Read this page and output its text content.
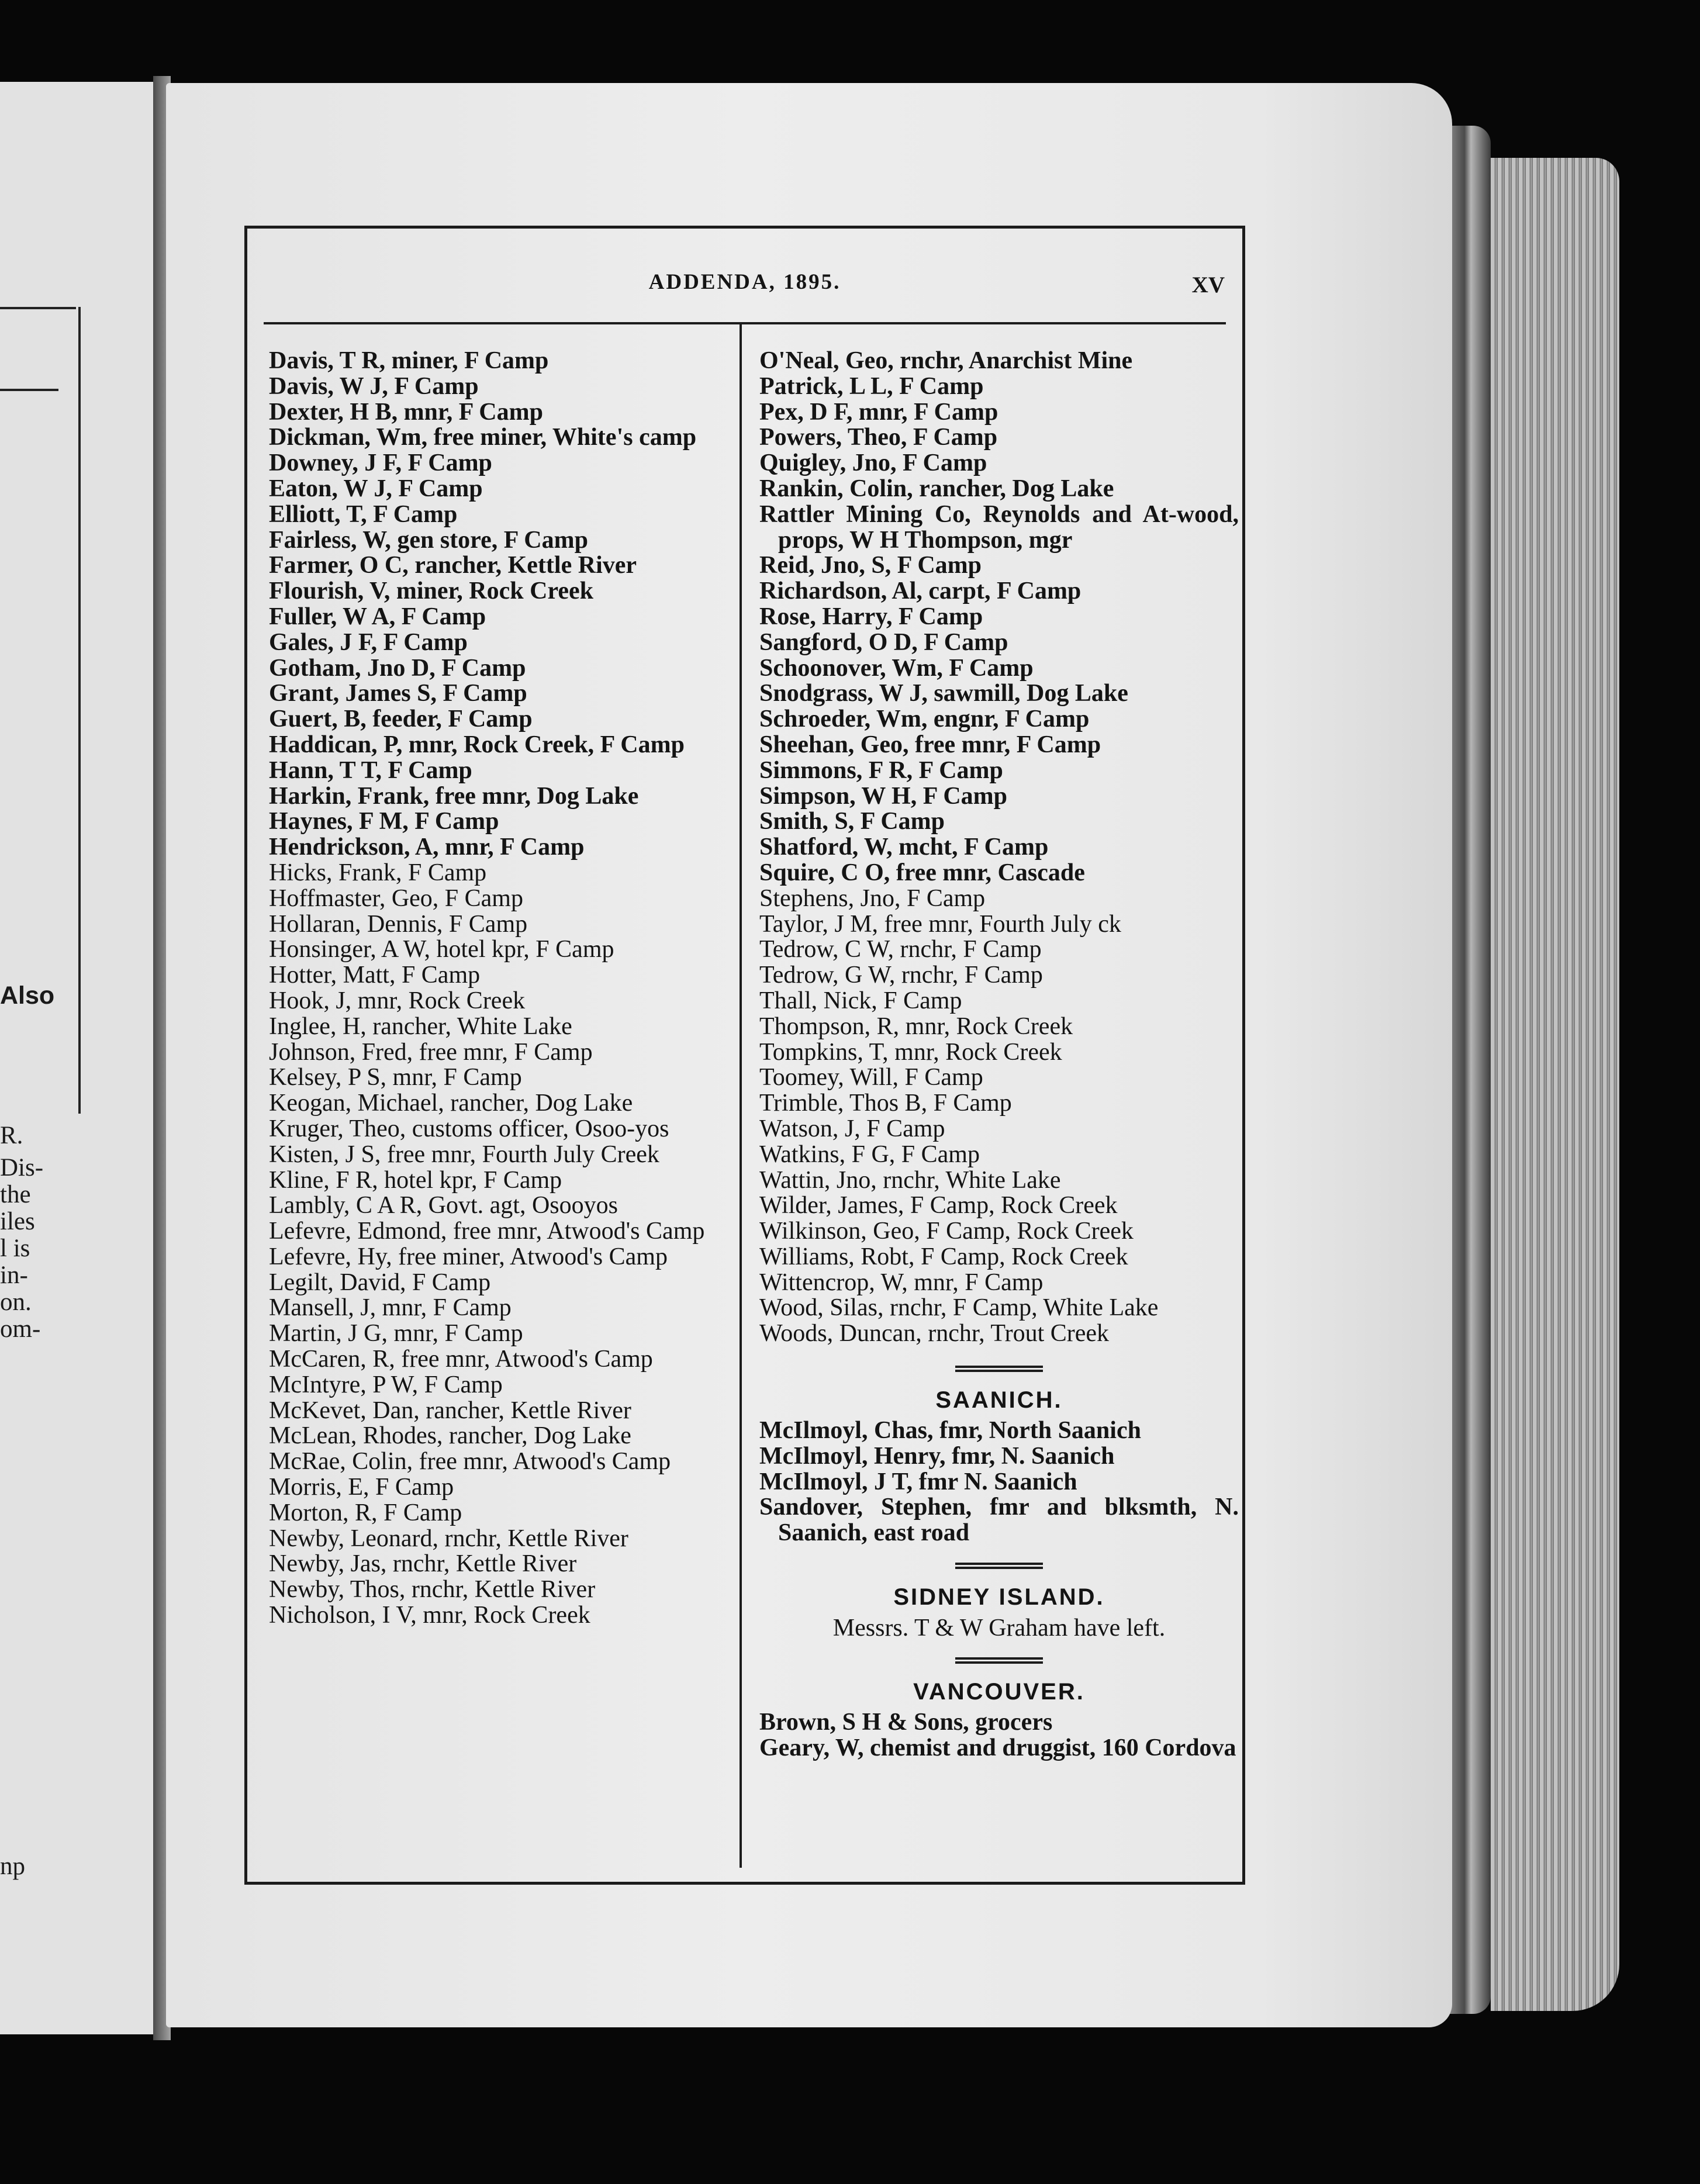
Also
R.
Dis-
the
iles
l is
in-
on.
om-
np
ADDENDA, 1895.	XV
Davis, T R, miner, F Camp
Davis, W J, F Camp
Dexter, H B, mnr, F Camp
Dickman, Wm, free miner, White's camp
Downey, J F, F Camp
Eaton, W J, F Camp
Elliott, T, F Camp
Fairless, W, gen store, F Camp
Farmer, O C, rancher, Kettle River
Flourish, V, miner, Rock Creek
Fuller, W A, F Camp
Gales, J F, F Camp
Gotham, Jno D, F Camp
Grant, James S, F Camp
Guert, B, feeder, F Camp
Haddican, P, mnr, Rock Creek, F Camp
Hann, T T, F Camp
Harkin, Frank, free mnr, Dog Lake
Haynes, F M, F Camp
Hendrickson, A, mnr, F Camp
Hicks, Frank, F Camp
Hoffmaster, Geo, F Camp
Hollaran, Dennis, F Camp
Honsinger, A W, hotel kpr, F Camp
Hotter, Matt, F Camp
Hook, J, mnr, Rock Creek
Inglee, H, rancher, White Lake
Johnson, Fred, free mnr, F Camp
Kelsey, P S, mnr, F Camp
Keogan, Michael, rancher, Dog Lake
Kruger, Theo, customs officer, Osoo-yos
Kisten, J S, free mnr, Fourth July Creek
Kline, F R, hotel kpr, F Camp
Lambly, C A R, Govt. agt, Osooyos
Lefevre, Edmond, free mnr, Atwood's Camp
Lefevre, Hy, free miner, Atwood's Camp
Legilt, David, F Camp
Mansell, J, mnr, F Camp
Martin, J G, mnr, F Camp
McCaren, R, free mnr, Atwood's Camp
McIntyre, P W, F Camp
McKevet, Dan, rancher, Kettle River
McLean, Rhodes, rancher, Dog Lake
McRae, Colin, free mnr, Atwood's Camp
Morris, E, F Camp
Morton, R, F Camp
Newby, Leonard, rnchr, Kettle River
Newby, Jas, rnchr, Kettle River
Newby, Thos, rnchr, Kettle River
Nicholson, I V, mnr, Rock Creek
O'Neal, Geo, rnchr, Anarchist Mine
Patrick, L L, F Camp
Pex, D F, mnr, F Camp
Powers, Theo, F Camp
Quigley, Jno, F Camp
Rankin, Colin, rancher, Dog Lake
Rattler Mining Co, Reynolds and At-wood, props, W H Thompson, mgr
Reid, Jno, S, F Camp
Richardson, Al, carpt, F Camp
Rose, Harry, F Camp
Sangford, O D, F Camp
Schoonover, Wm, F Camp
Snodgrass, W J, sawmill, Dog Lake
Schroeder, Wm, engnr, F Camp
Sheehan, Geo, free mnr, F Camp
Simmons, F R, F Camp
Simpson, W H, F Camp
Smith, S, F Camp
Shatford, W, mcht, F Camp
Squire, C O, free mnr, Cascade
Stephens, Jno, F Camp
Taylor, J M, free mnr, Fourth July ck
Tedrow, C W, rnchr, F Camp
Tedrow, G W, rnchr, F Camp
Thall, Nick, F Camp
Thompson, R, mnr, Rock Creek
Tompkins, T, mnr, Rock Creek
Toomey, Will, F Camp
Trimble, Thos B, F Camp
Watson, J, F Camp
Watkins, F G, F Camp
Wattin, Jno, rnchr, White Lake
Wilder, James, F Camp, Rock Creek
Wilkinson, Geo, F Camp, Rock Creek
Williams, Robt, F Camp, Rock Creek
Wittencrop, W, mnr, F Camp
Wood, Silas, rnchr, F Camp, White Lake
Woods, Duncan, rnchr, Trout Creek
SAANICH.
McIlmoyl, Chas, fmr, North Saanich
McIlmoyl, Henry, fmr, N. Saanich
McIlmoyl, J T, fmr N. Saanich
Sandover, Stephen, fmr and blksmth, N. Saanich, east road
SIDNEY ISLAND.
Messrs. T & W Graham have left.
VANCOUVER.
Brown, S H & Sons, grocers
Geary, W, chemist and druggist, 160 Cordova
